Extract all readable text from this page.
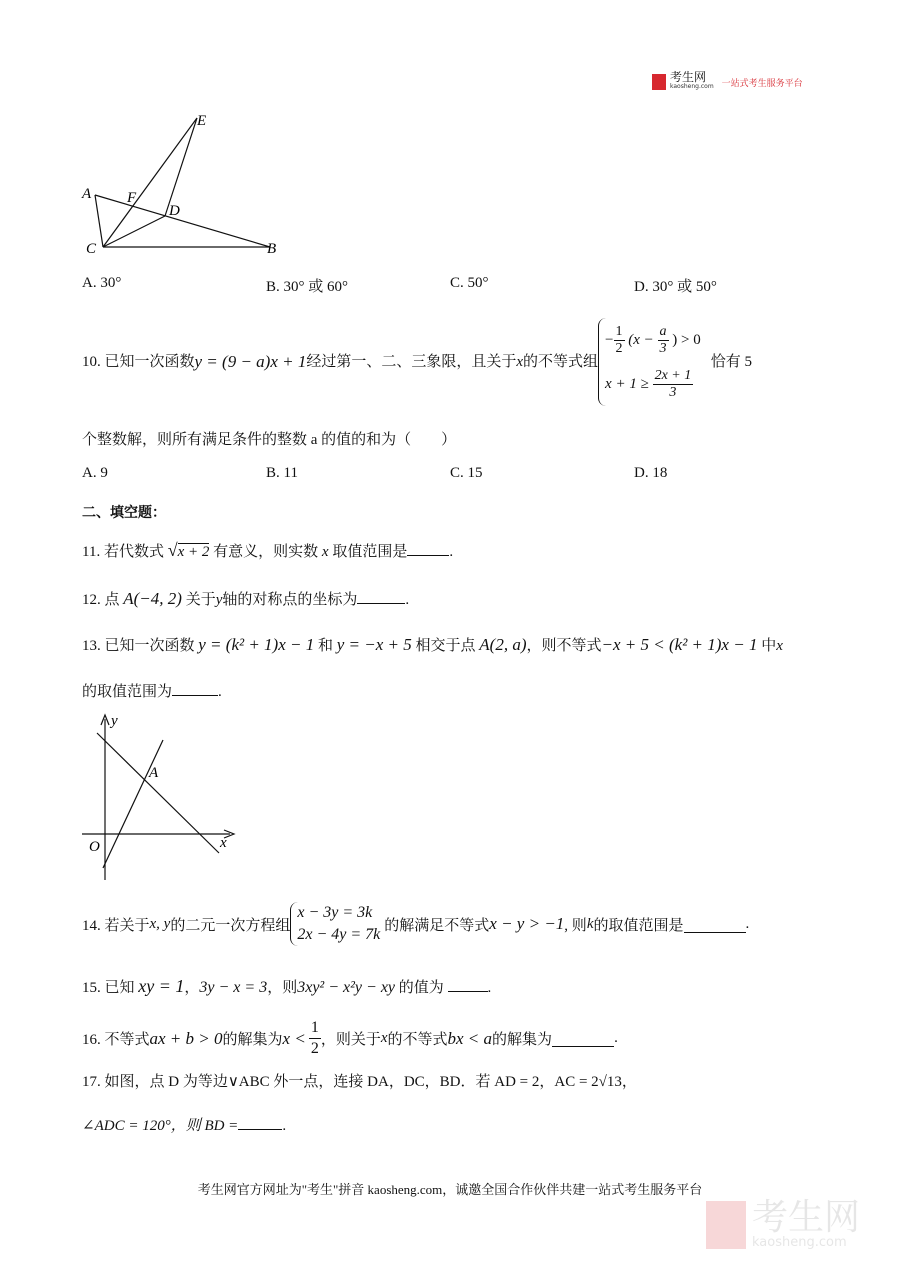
考生网
kaosheng.com 一站式考生服务平台
E
A F
D
C	B
A. 30°	B. 30° 或 60°	C. 50°	D. 30° 或 50°
10. 已知一次函数 y = (9 − a)x + 1 经过第一、二、三象限，且关于 x 的不等式组
− $\frac{1}{2} (x - \frac{a}{3}$ ) > 0
$x + 1 \ge \frac{2x + 1}{3}$
恰有 5
个整数解，则所有满足条件的整数 a 的值的和为（　　）
A. 9	B. 11	C. 15	D. 18
二、填空题：
11. 若代数式 √x + 2 有意义，则实数 x 取值范围是	.
12. 点 A(−4, 2) 关于y轴的对称点的坐标为	.
13. 已知一次函数 y = (k² + 1)x − 1 和 y = −x + 5 相交于点 A(2, a)，则不等式−x + 5 < (k² + 1)x − 1 中x
的取值范围为	.
y
A
O	x
14. 若关于 x, y 的二元一次方程组
x − 3y = 3k
2x − 4y = 7k
的解满足不等式 x − y > −1 , 则 k 的取值范围是	.
15. 已知 xy = 1，3y − x = 3，则3xy² − x²y − xy 的值为	.
16. 不等式 ax + b > 0 的解集为 $x < \frac{1}{2}$ ，则关于 x 的不等式 bx < a 的解集为	.
17. 如图，点 D 为等边∨ABC 外一点，连接 DA，DC，BD．若 AD = 2，AC = 2√13，
∠ADC = 120°，则 BD =	.
考生网官方网址为"考生"拼音 kaosheng.com，诚邀全国合作伙伴共建一站式考生服务平台
考生网
kaosheng.com
